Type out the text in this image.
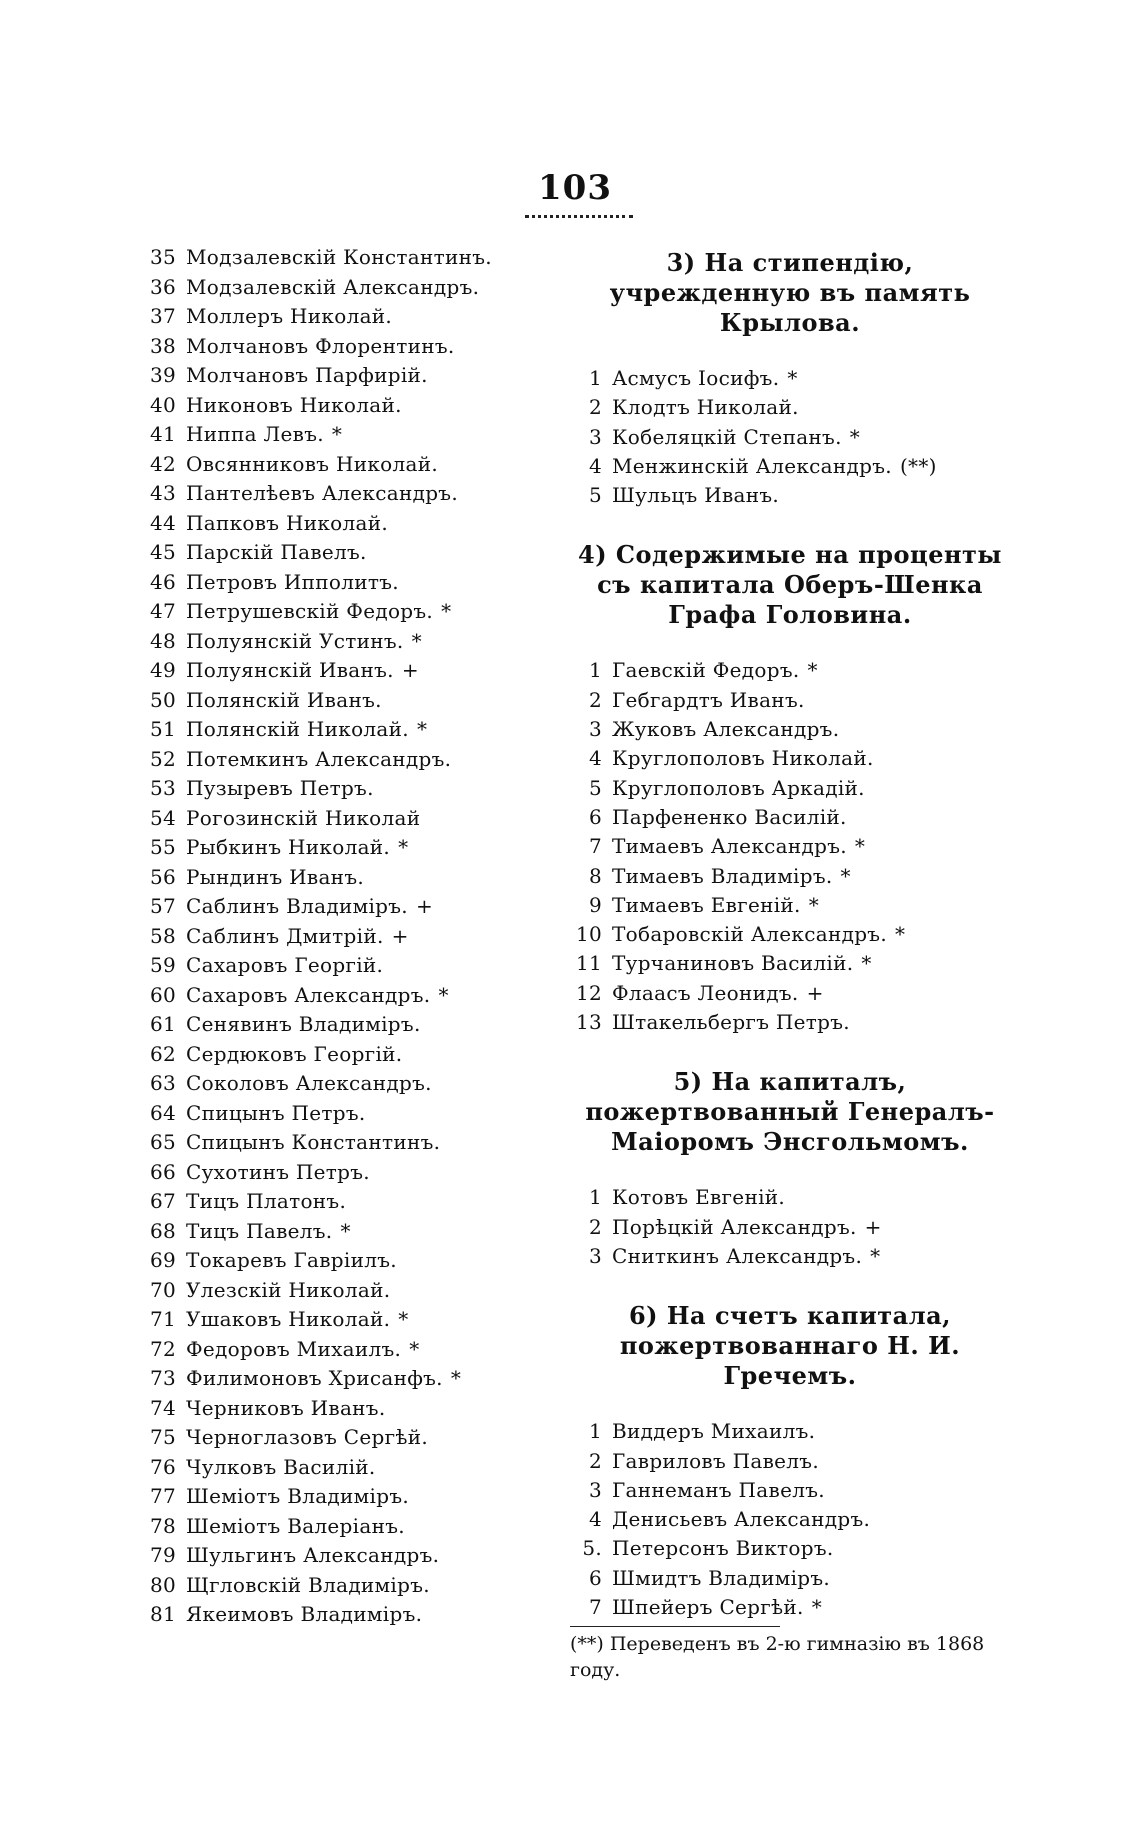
103
35 Модзалевскій Константинъ.
36 Модзалевскій Александръ.
37 Моллеръ Николай.
38 Молчановъ Флорентинъ.
39 Молчановъ Парфирій.
40 Никоновъ Николай.
41 Ниппа Левъ. *
42 Овсянниковъ Николай.
43 Пантелѣевъ Александръ.
44 Папковъ Николай.
45 Парскій Павелъ.
46 Петровъ Ипполитъ.
47 Петрушевскій Федоръ. *
48 Полуянскій Устинъ. *
49 Полуянскій Иванъ. +
50 Полянскій Иванъ.
51 Полянскій Николай. *
52 Потемкинъ Александръ.
53 Пузыревъ Петръ.
54 Рогозинскій Николай
55 Рыбкинъ Николай. *
56 Рындинъ Иванъ.
57 Саблинъ Владиміръ. +
58 Саблинъ Дмитрій. +
59 Сахаровъ Георгій.
60 Сахаровъ Александръ. *
61 Сенявинъ Владиміръ.
62 Сердюковъ Георгій.
63 Соколовъ Александръ.
64 Спицынъ Петръ.
65 Спицынъ Константинъ.
66 Сухотинъ Петръ.
67 Тицъ Платонъ.
68 Тицъ Павелъ. *
69 Токаревъ Гавріилъ.
70 Улезскій Николай.
71 Ушаковъ Николай. *
72 Федоровъ Михаилъ. *
73 Филимоновъ Хрисанфъ. *
74 Черниковъ Иванъ.
75 Черноглазовъ Сергѣй.
76 Чулковъ Василій.
77 Шеміотъ Владиміръ.
78 Шеміотъ Валеріанъ.
79 Шульгинъ Александръ.
80 Щгловскій Владиміръ.
81 Якеимовъ Владиміръ.
3) На стипендію, учрежденную въ память Крылова.
1 Асмусъ Іосифъ. *
2 Клодтъ Николай.
3 Кобеляцкій Степанъ. *
4 Менжинскій Александръ. (**)
5 Шульцъ Иванъ.
4) Содержимые на проценты съ капитала Оберъ-Шенка Графа Головина.
1 Гаевскій Федоръ. *
2 Гебгардтъ Иванъ.
3 Жуковъ Александръ.
4 Круглополовъ Николай.
5 Круглополовъ Аркадій.
6 Парфененко Василій.
7 Тимаевъ Александръ. *
8 Тимаевъ Владиміръ. *
9 Тимаевъ Евгеній. *
10 Тобаровскій Александръ. *
11 Турчаниновъ Василій. *
12 Флаасъ Леонидъ. +
13 Штакельбергъ Петръ.
5) На капиталъ, пожертвованный Генералъ-Маіоромъ Энсгольмомъ.
1 Котовъ Евгеній.
2 Порѣцкій Александръ. +
3 Сниткинъ Александръ. *
6) На счетъ капитала, пожертвованнаго Н. И. Гречемъ.
1 Виддеръ Михаилъ.
2 Гавриловъ Павелъ.
3 Ганнеманъ Павелъ.
4 Денисьевъ Александръ.
5. Петерсонъ Викторъ.
6 Шмидтъ Владиміръ.
7 Шпейеръ Сергѣй. *
(**) Переведенъ въ 2-ю гимназію въ 1868 году.
